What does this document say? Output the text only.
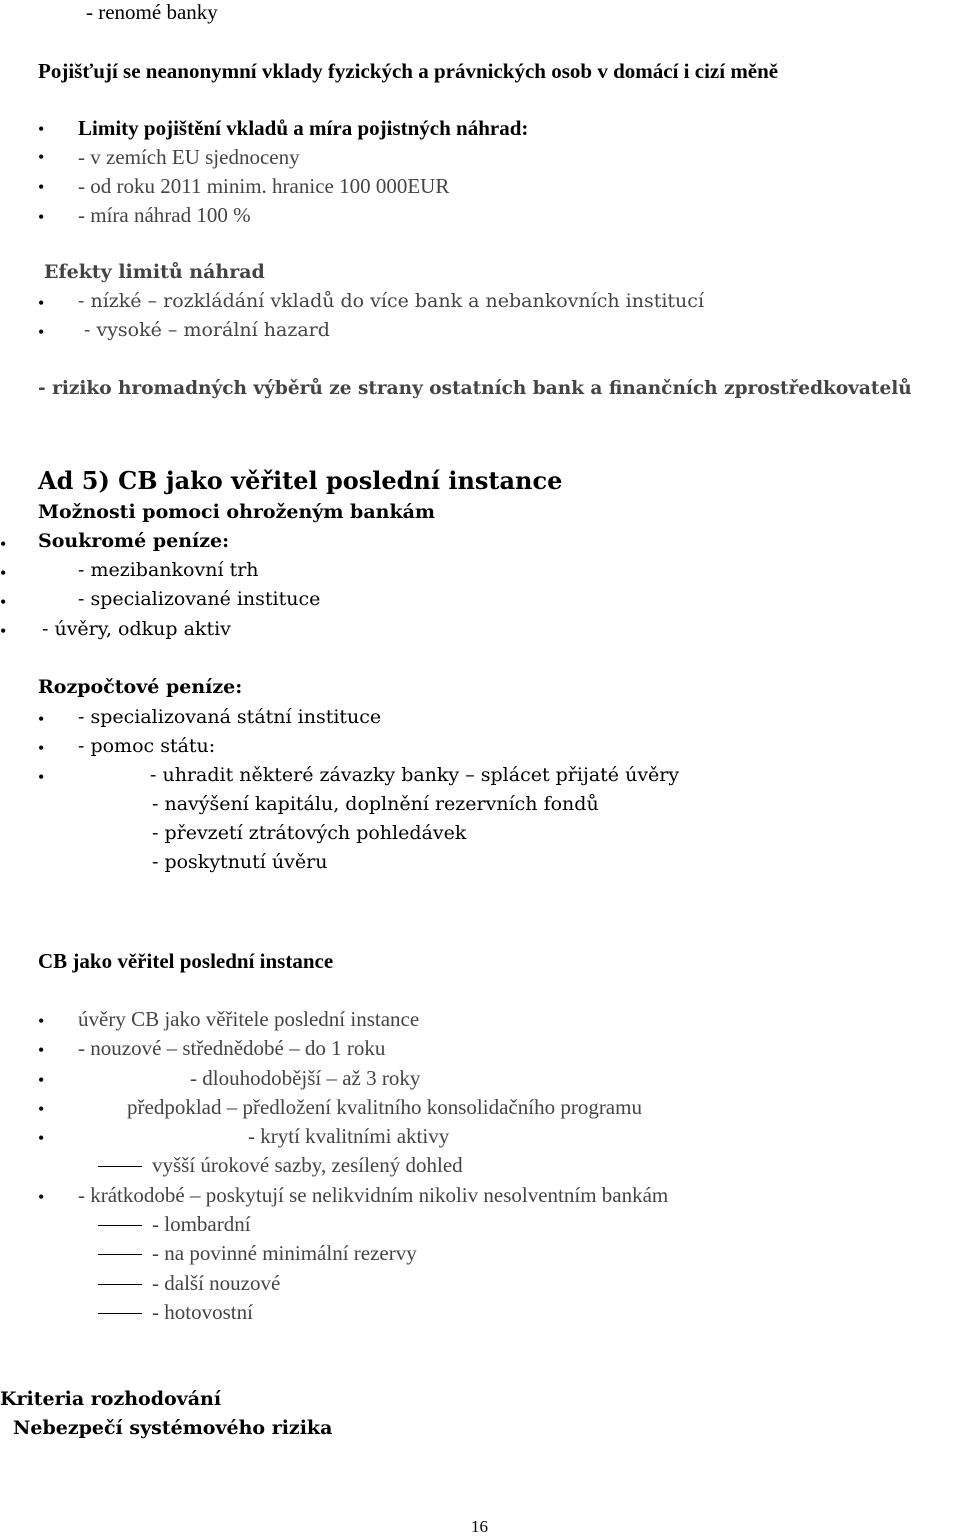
- renomé banky
Pojišťují se neanonymní vklady fyzických a právnických osob v domácí i cizí měně
• Limity pojištění vkladů a míra pojistných náhrad:
• - v zemích EU sjednoceny
• - od roku 2011 minim. hranice 100 000EUR
• - míra náhrad 100 %
Efekty limitů náhrad
• - nízké – rozkládání vkladů do více bank a nebankovních institucí
• - vysoké – morální hazard
- riziko hromadných výběrů ze strany ostatních bank a finančních zprostředkovatelů
Ad 5) CB jako věřitel poslední instance
Možnosti pomoci ohroženým bankám
• Soukromé peníze:
•	- mezibankovní trh
•	- specializované instituce
• - úvěry, odkup aktiv
Rozpočtové peníze:
• - specializovaná státní instituce
• - pomoc státu:
•	- uhradit některé závazky banky – splácet přijaté úvěry
- navýšení kapitálu, doplnění rezervních fondů
- převzetí ztrátových pohledávek
- poskytnutí úvěru
CB jako věřitel poslední instance
• úvěry CB jako věřitele poslední instance
• - nouzové – střednědobé – do 1 roku
•	- dlouhodobější – až 3 roky
•	předpoklad – předložení kvalitního konsolidačního programu
•	- krytí kvalitními aktivy
vyšší úrokové sazby, zesílený dohled
• - krátkodobé – poskytují se nelikvidním nikoliv nesolventním bankám
- lombardní
- na povinné minimální rezervy
- další nouzové
- hotovostní
Kriteria rozhodování
Nebezpečí systémového rizika
16
